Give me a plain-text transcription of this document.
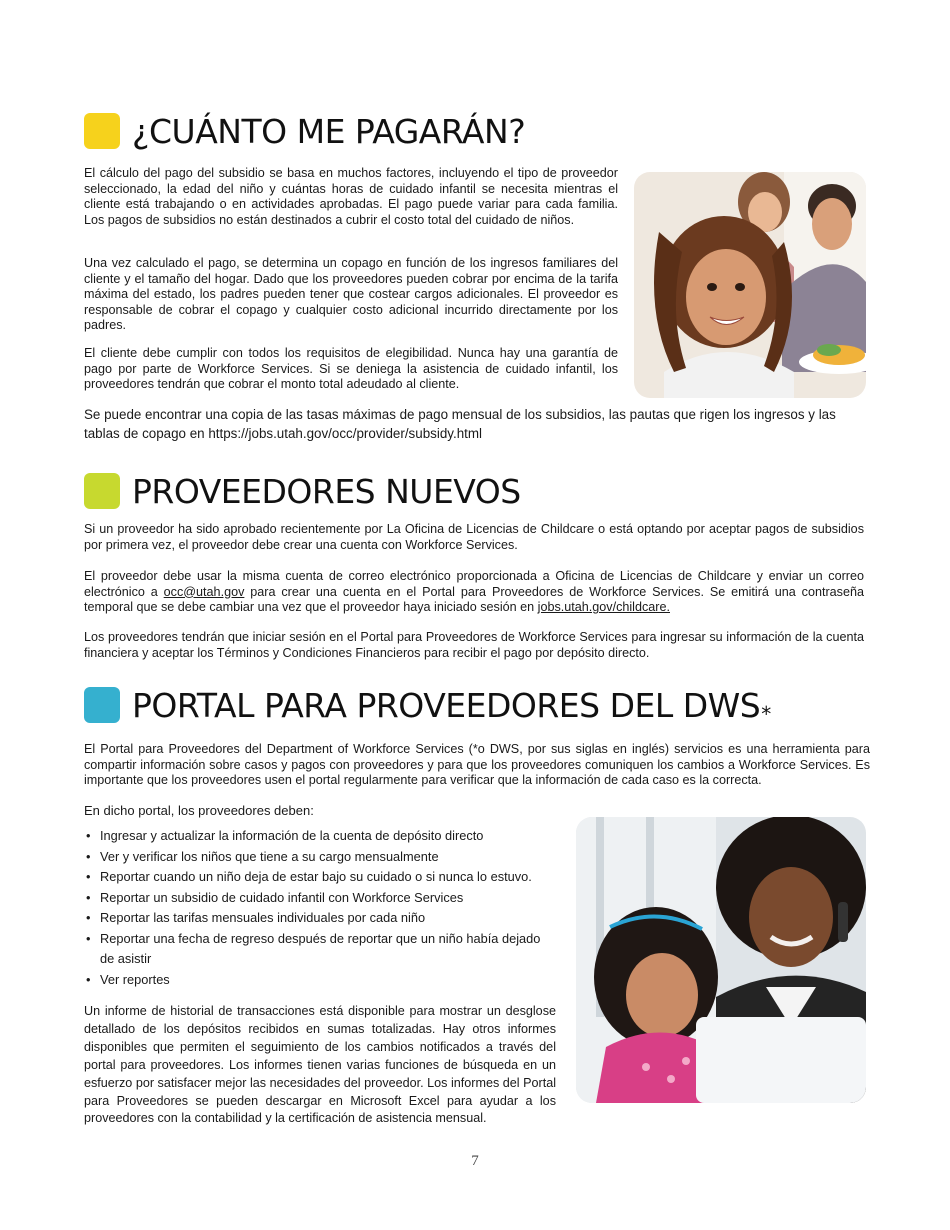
¿CUÁNTO ME PAGARÁN?

El cálculo del pago del subsidio se basa en muchos factores, incluyendo el tipo de proveedor seleccionado, la edad del niño y cuántas horas de cuidado infantil se necesita mientras el cliente está trabajando o en actividades aprobadas. El pago puede variar para cada familia. Los pagos de subsidios no están destinados a cubrir el costo total del cuidado de niños.

Una vez calculado el pago, se determina un copago en función de los ingresos familiares del cliente y el tamaño del hogar. Dado que los proveedores pueden cobrar por encima de la tarifa máxima del estado, los padres pueden tener que costear cargos adicionales. El proveedor es responsable de cobrar el copago y cualquier costo adicional incurrido directamente por los padres.

El cliente debe cumplir con todos los requisitos de elegibilidad. Nunca hay una garantía de pago por parte de Workforce Services. Si se deniega la asistencia de cuidado infantil, los proveedores tendrán que cobrar el monto total adeudado al cliente.

Se puede encontrar una copia de las tasas máximas de pago mensual de los subsidios, las pautas que rigen los ingresos y las tablas de copago en https://jobs.utah.gov/occ/provider/subsidy.html

PROVEEDORES NUEVOS

Si un proveedor ha sido aprobado recientemente por La Oficina de Licencias de Childcare o está optando por aceptar pagos de subsidios por primera vez, el proveedor debe crear una cuenta con Workforce Services.

El proveedor debe usar la misma cuenta de correo electrónico proporcionada a Oficina de Licencias de Childcare y enviar un correo electrónico a occ@utah.gov para crear una cuenta en el Portal para Proveedores de Workforce Services. Se emitirá una contraseña temporal que se debe cambiar una vez que el proveedor haya iniciado sesión en jobs.utah.gov/childcare.

Los proveedores tendrán que iniciar sesión en el Portal para Proveedores de Workforce Services para ingresar su información de la cuenta financiera y aceptar los Términos y Condiciones Financieros para recibir el pago por depósito directo.

PORTAL PARA PROVEEDORES DEL DWS*

El Portal para Proveedores del Department of Workforce Services (*o DWS, por sus siglas en inglés) servicios es una herramienta para compartir información sobre casos y pagos con proveedores y para que los proveedores comuniquen los cambios a Workforce Services. Es importante que los proveedores usen el portal regularmente para verificar que la información de cada caso es la correcta.

En dicho portal, los proveedores deben:

• Ingresar y actualizar la información de la cuenta de depósito directo
• Ver y verificar los niños que tiene a su cargo mensualmente
• Reportar cuando un niño deja de estar bajo su cuidado o si nunca lo estuvo.
• Reportar un subsidio de cuidado infantil con Workforce Services
• Reportar las tarifas mensuales individuales por cada niño
• Reportar una fecha de regreso después de reportar que un niño había dejado de asistir
• Ver reportes

Un informe de historial de transacciones está disponible para mostrar un desglose detallado de los depósitos recibidos en sumas totalizadas. Hay otros informes disponibles que permiten el seguimiento de los cambios notificados a través del portal para proveedores. Los informes tienen varias funciones de búsqueda en un esfuerzo por satisfacer mejor las necesidades del proveedor. Los informes del Portal para Proveedores se pueden descargar en Microsoft Excel para ayudar a los proveedores con la contabilidad y la certificación de asistencia mensual.

7
